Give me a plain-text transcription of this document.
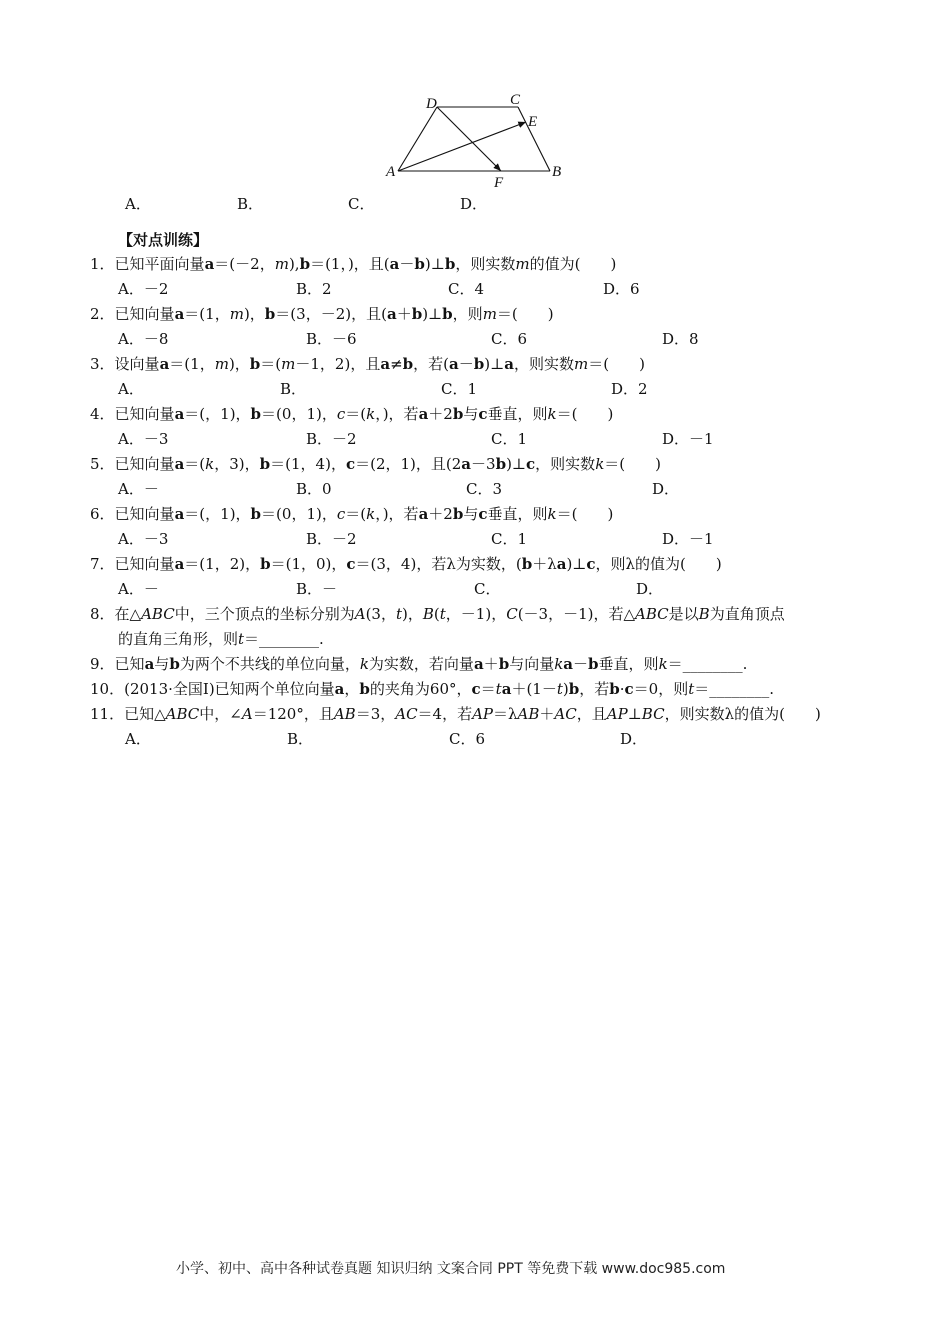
D	C
E
A
F
B
A．	B．	C．	D．
【对点训练】
1．已知平面向量a＝(－2，m),b＝(1，)，且(a－b)⊥b，则实数m的值为(　　)
A．－2	B．2	C．4	D．6
2．已知向量a＝(1，m)，b＝(3，－2)，且(a＋b)⊥b，则m＝(　　)
A．－8	B．－6	C．6	D．8
3．设向量a＝(1，m)，b＝(m－1，2)，且a≠b，若(a－b)⊥a，则实数m＝(　　)
A．	B．	C．1	D．2
4．已知向量a＝(，1)，b＝(0，1)，c＝(k，)，若a＋2b与c垂直，则k＝(　　)
A．－3	B．－2	C．1	D．－1
5．已知向量a＝(k，3)，b＝(1，4)，c＝(2，1)，且(2a－3b)⊥c，则实数k＝(　　)
A．－	B．0	C．3	D．
6．已知向量a＝(，1)，b＝(0，1)，c＝(k，)，若a＋2b与c垂直，则k＝(　　)
A．－3	B．－2	C．1	D．－1
7．已知向量a＝(1，2)，b＝(1，0)，c＝(3，4)，若λ为实数，(b＋λa)⊥c，则λ的值为(　　)
A．－	B．－	C．	D．
8．在△ABC中，三个顶点的坐标分别为A(3，t)，B(t，－1)，C(－3，－1)，若△ABC是以B为直角顶点
的直角三角形，则t＝________.
9．已知a与b为两个不共线的单位向量，k为实数，若向量a＋b与向量ka－b垂直，则k＝________.
10．(2013·全国Ⅰ)已知两个单位向量a，b的夹角为60°，c＝ta＋(1－t)b，若b·c＝0，则t＝________.
11．已知△ABC中，∠A＝120°，且AB＝3，AC＝4，若AP＝λAB＋AC，且AP⊥BC，则实数λ的值为(　　)
A．	B．	C．6	D．
小学、初中、高中各种试卷真题 知识归纳 文案合同 PPT 等免费下载 www.doc985.com
